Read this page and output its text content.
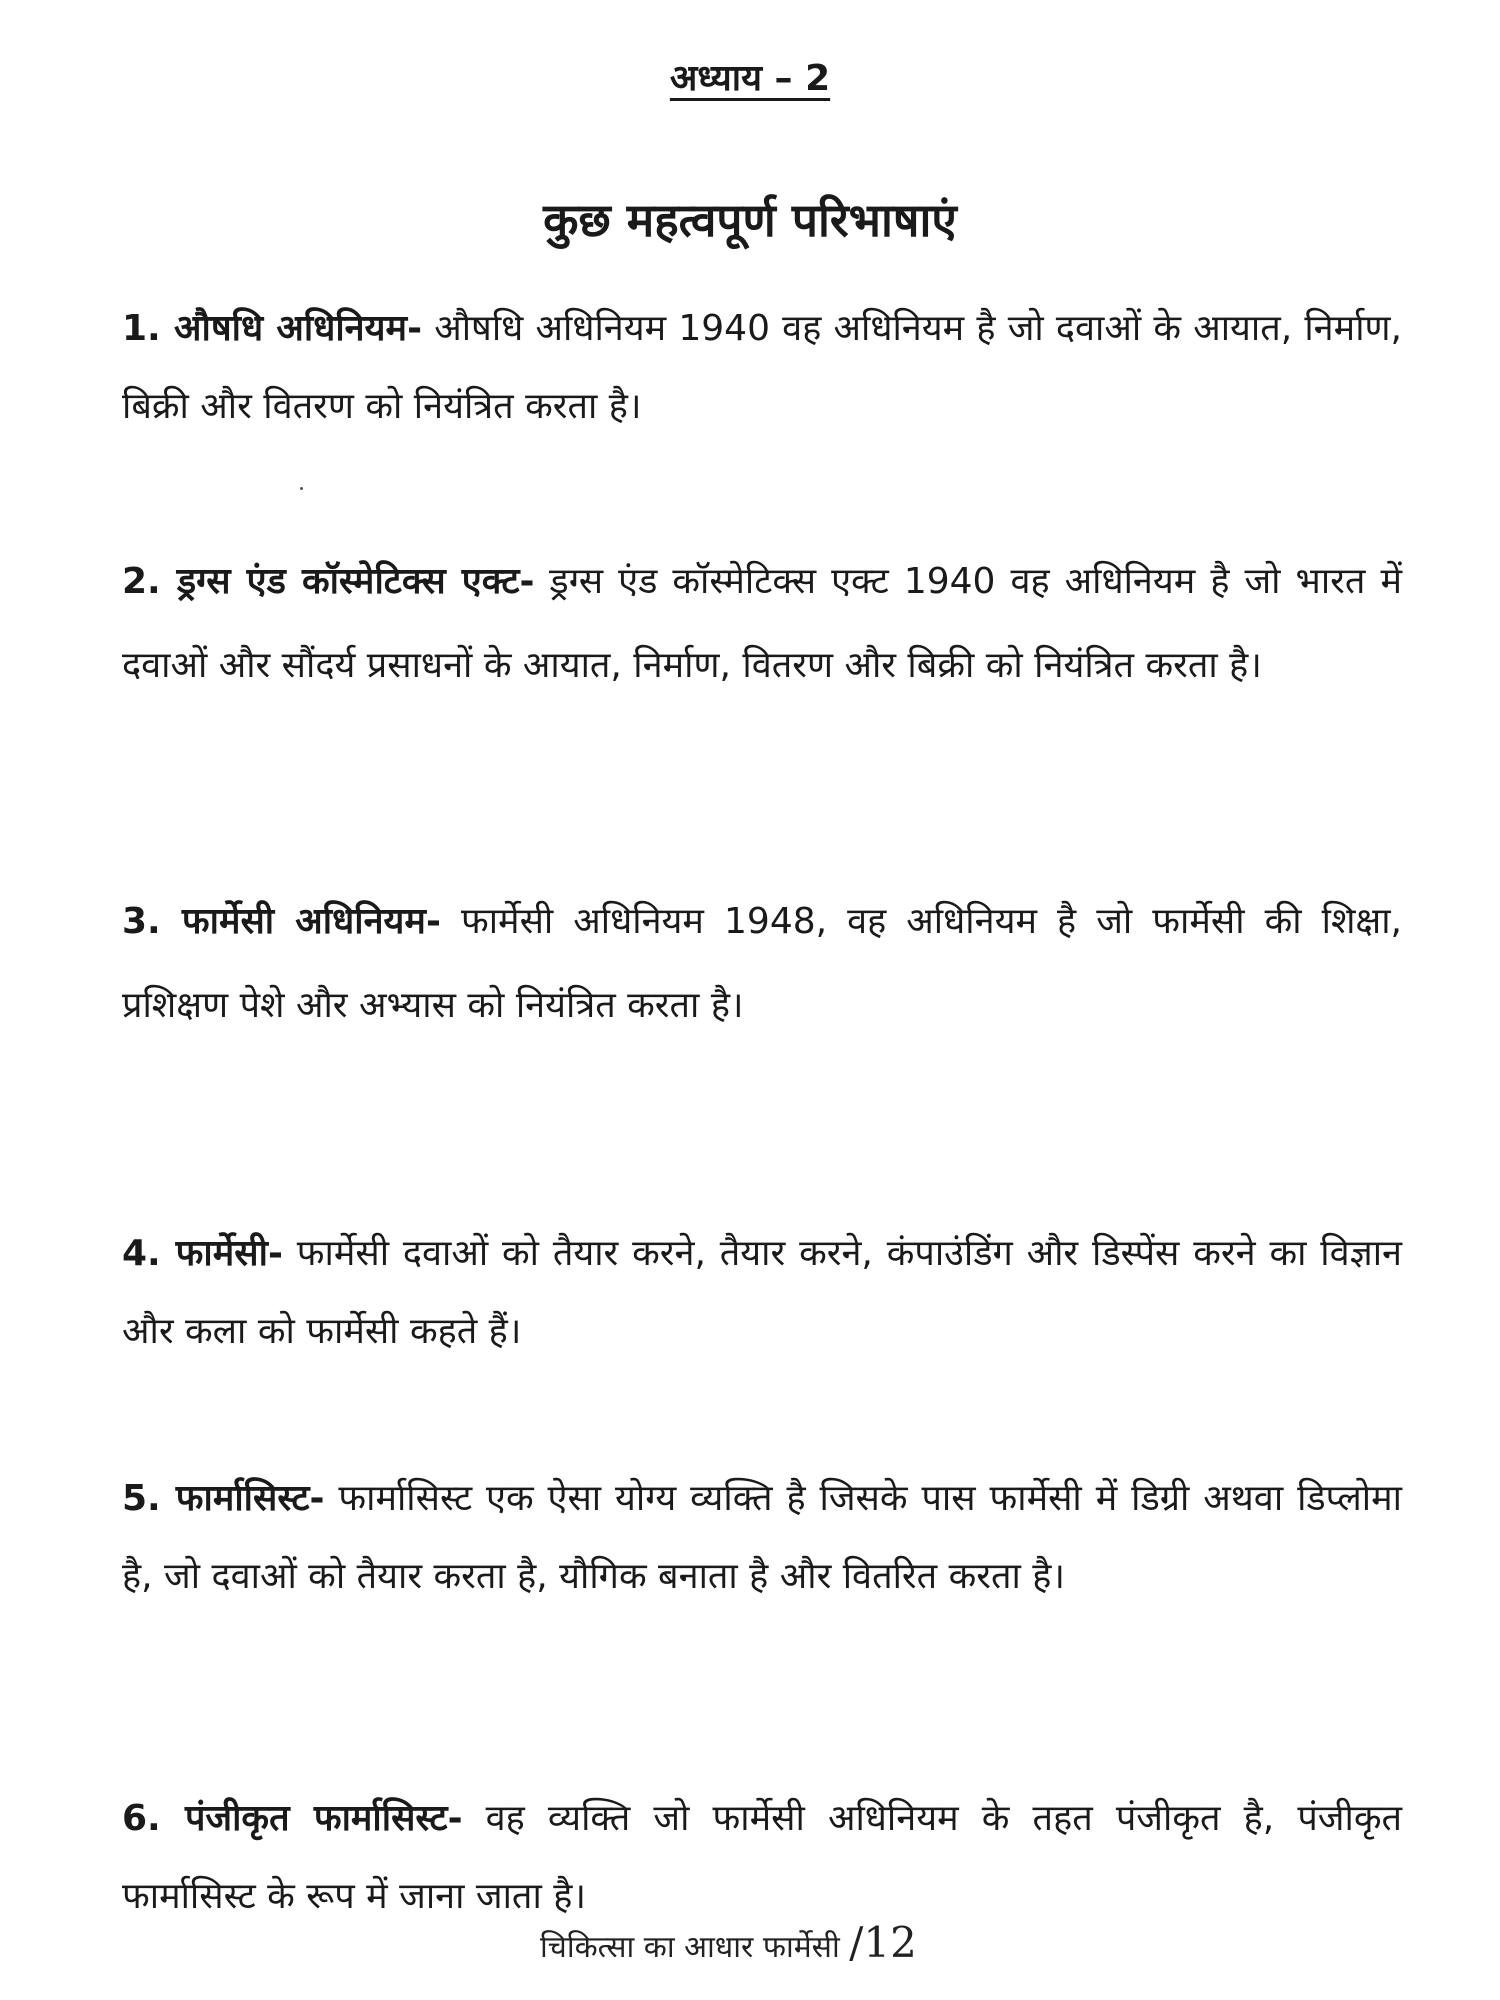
अध्याय – 2
कुछ महत्वपूर्ण परिभाषाएं

1. औषधि अधिनियम- औषधि अधिनियम 1940 वह अधिनियम है जो दवाओं के आयात, निर्माण, बिक्री और वितरण को नियंत्रित करता है।

2. ड्रग्स एंड कॉस्मेटिक्स एक्ट- ड्रग्स एंड कॉस्मेटिक्स एक्ट 1940 वह अधिनियम है जो भारत में दवाओं और सौंदर्य प्रसाधनों के आयात, निर्माण, वितरण और बिक्री को नियंत्रित करता है।

3. फार्मेसी अधिनियम- फार्मेसी अधिनियम 1948, वह अधिनियम है जो फार्मेसी की शिक्षा, प्रशिक्षण पेशे और अभ्यास को नियंत्रित करता है।

4. फार्मेसी- फार्मेसी दवाओं को तैयार करने, तैयार करने, कंपाउंडिंग और डिस्पेंस करने का विज्ञान और कला को फार्मेसी कहते हैं।

5. फार्मासिस्ट- फार्मासिस्ट एक ऐसा योग्य व्यक्ति है जिसके पास फार्मेसी में डिग्री अथवा डिप्लोमा है, जो दवाओं को तैयार करता है, यौगिक बनाता है और वितरित करता है।

6. पंजीकृत फार्मासिस्ट- वह व्यक्ति जो फार्मेसी अधिनियम के तहत पंजीकृत है, पंजीकृत फार्मासिस्ट के रूप में जाना जाता है।

चिकित्सा का आधार फार्मेसी /12
